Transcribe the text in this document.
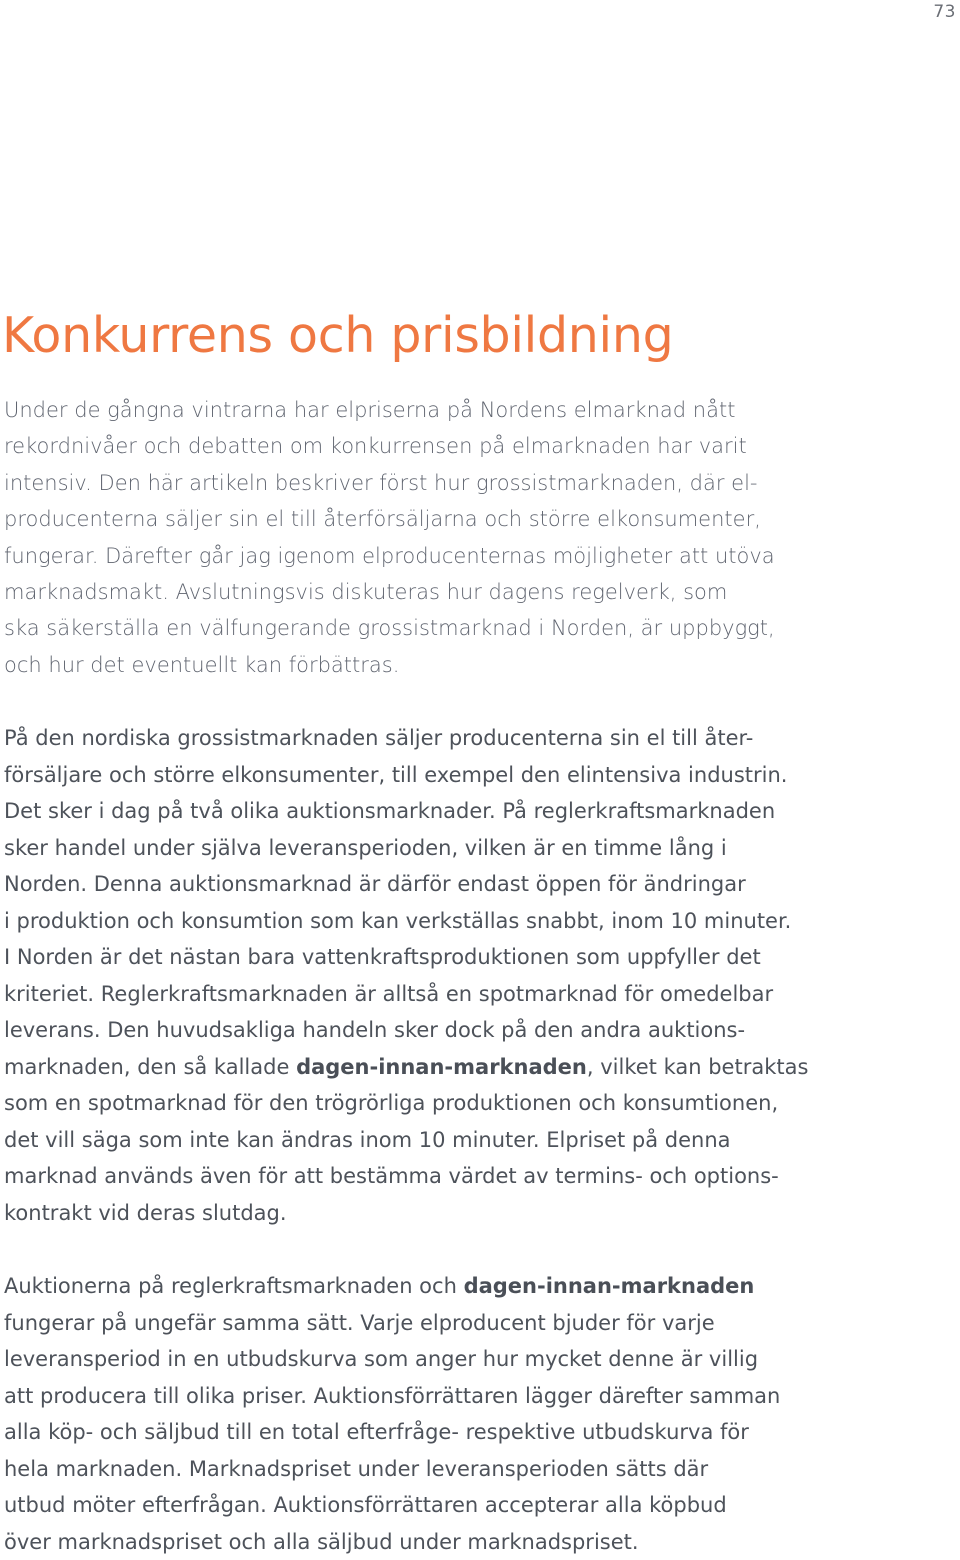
73
Konkurrens och prisbildning

Under de gångna vintrarna har elpriserna på Nordens elmarknad nått
rekordnivåer och debatten om konkurrensen på elmarknaden har varit
intensiv. Den här artikeln beskriver först hur grossistmarknaden, där el-
producenterna säljer sin el till återförsäljarna och större elkonsumenter,
fungerar. Därefter går jag igenom elproducenternas möjligheter att utöva
marknadsmakt. Avslutningsvis diskuteras hur dagens regelverk, som
ska säkerställa en välfungerande grossistmarknad i Norden, är uppbyggt,
och hur det eventuellt kan förbättras.

På den nordiska grossistmarknaden säljer producenterna sin el till åter-
försäljare och större elkonsumenter, till exempel den elintensiva industrin.
Det sker i dag på två olika auktionsmarknader. På reglerkraftsmarknaden
sker handel under själva leveransperioden, vilken är en timme lång i
Norden. Denna auktionsmarknad är därför endast öppen för ändringar
i produktion och konsumtion som kan verkställas snabbt, inom 10 minuter.
I Norden är det nästan bara vattenkraftsproduktionen som uppfyller det
kriteriet. Reglerkraftsmarknaden är alltså en spotmarknad för omedelbar
leverans. Den huvudsakliga handeln sker dock på den andra auktions-
marknaden, den så kallade dagen-innan-marknaden, vilket kan betraktas
som en spotmarknad för den trögrörliga produktionen och konsumtionen,
det vill säga som inte kan ändras inom 10 minuter. Elpriset på denna
marknad används även för att bestämma värdet av termins- och options-
kontrakt vid deras slutdag.

Auktionerna på reglerkraftsmarknaden och dagen-innan-marknaden
fungerar på ungefär samma sätt. Varje elproducent bjuder för varje
leveransperiod in en utbudskurva som anger hur mycket denne är villig
att producera till olika priser. Auktionsförrättaren lägger därefter samman
alla köp- och säljbud till en total efterfråge- respektive utbudskurva för
hela marknaden. Marknadspriset under leveransperioden sätts där
utbud möter efterfrågan. Auktionsförrättaren accepterar alla köpbud
över marknadspriset och alla säljbud under marknadspriset.
